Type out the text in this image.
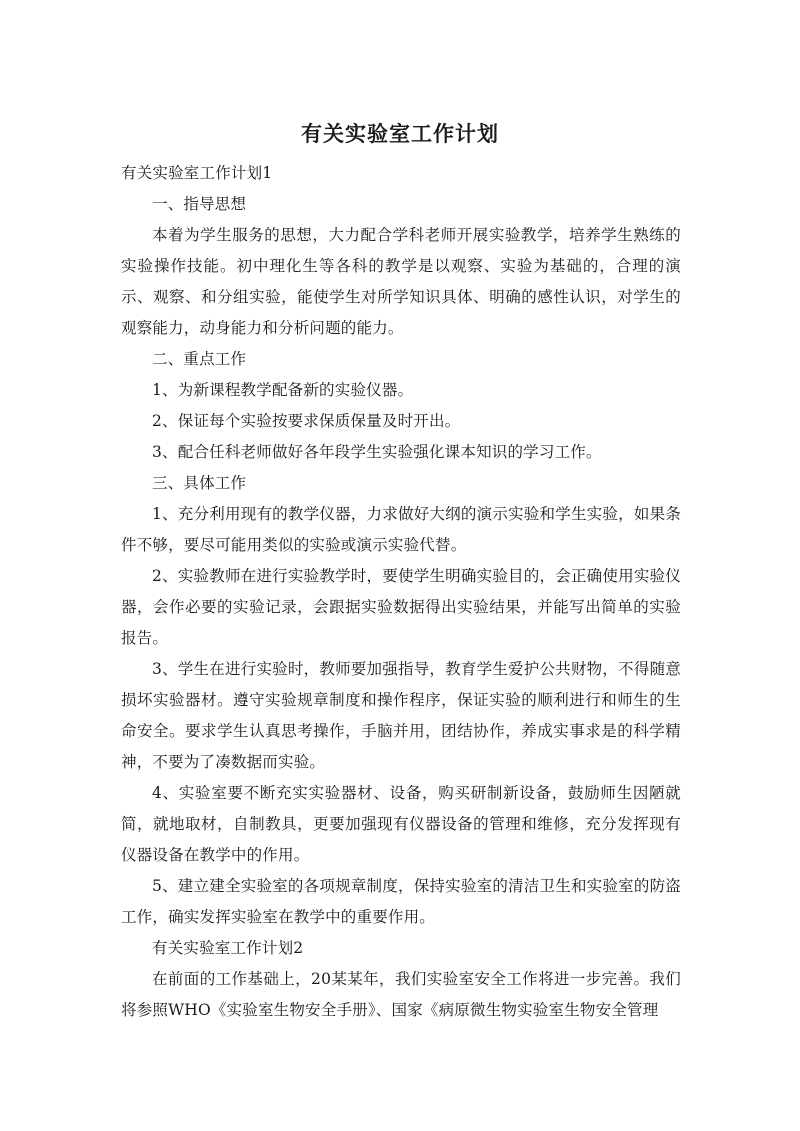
有关实验室工作计划

有关实验室工作计划1

一、指导思想

本着为学生服务的思想，大力配合学科老师开展实验教学，培养学生熟练的实验操作技能。初中理化生等各科的教学是以观察、实验为基础的，合理的演示、观察、和分组实验，能使学生对所学知识具体、明确的感性认识，对学生的观察能力，动身能力和分析问题的能力。

二、重点工作

1、为新课程教学配备新的实验仪器。

2、保证每个实验按要求保质保量及时开出。

3、配合任科老师做好各年段学生实验强化课本知识的学习工作。

三、具体工作

1、充分利用现有的教学仪器，力求做好大纲的演示实验和学生实验，如果条件不够，要尽可能用类似的实验或演示实验代替。

2、实验教师在进行实验教学时，要使学生明确实验目的，会正确使用实验仪器，会作必要的实验记录，会跟据实验数据得出实验结果，并能写出简单的实验报告。

3、学生在进行实验时，教师要加强指导，教育学生爱护公共财物，不得随意损坏实验器材。遵守实验规章制度和操作程序，保证实验的顺利进行和师生的生命安全。要求学生认真思考操作，手脑并用，团结协作，养成实事求是的科学精神，不要为了凑数据而实验。

4、实验室要不断充实实验器材、设备，购买研制新设备，鼓励师生因陋就简，就地取材，自制教具，更要加强现有仪器设备的管理和维修，充分发挥现有仪器设备在教学中的作用。

5、建立建全实验室的各项规章制度，保持实验室的清洁卫生和实验室的防盗工作，确实发挥实验室在教学中的重要作用。

有关实验室工作计划2

在前面的工作基础上，20某某年，我们实验室安全工作将进一步完善。我们将参照WHO《实验室生物安全手册》、国家《病原微生物实验室生物安全管理
